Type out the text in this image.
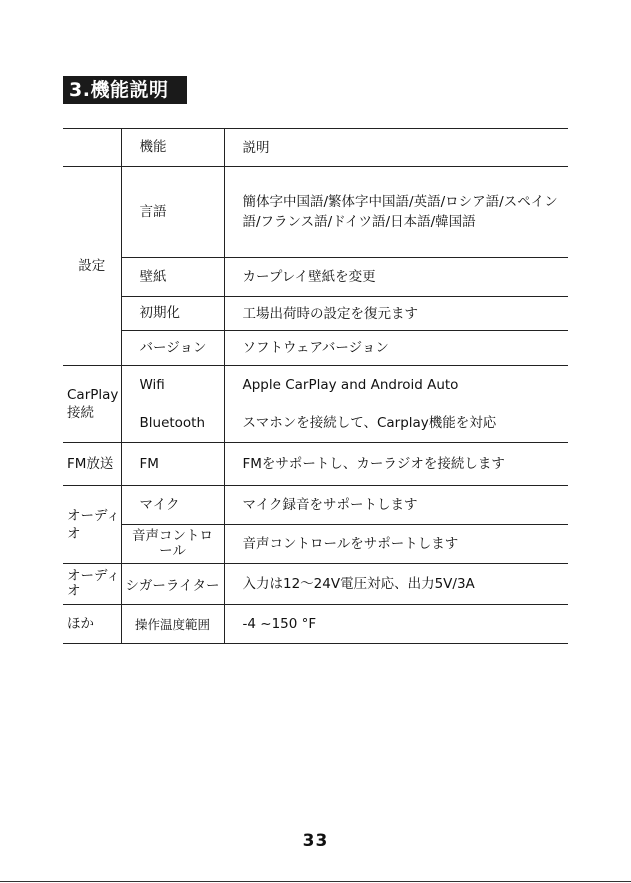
3.機能説明
	機能	説明
設定	言語	簡体字中国語/繁体字中国語/英語/ロシア語/スペイン語/フランス語/ドイツ語/日本語/韓国語
	壁紙	カープレイ壁紙を変更
	初期化	工場出荷時の設定を復元ます
	バージョン	ソフトウェアバージョン
CarPlay接続	Wifi	Apple CarPlay and Android Auto
	Bluetooth	スマホンを接続して、Carplay機能を対応
FM放送	FM	FMをサポートし、カーラジオを接続します
オーディオ	マイク	マイク録音をサポートします
	音声コントロール	音声コントロールをサポートします
オーディオ	シガーライター	入力は12～24V電圧対応、出力5V/3A
ほか	操作温度範囲	-4 ~150 °F
33
